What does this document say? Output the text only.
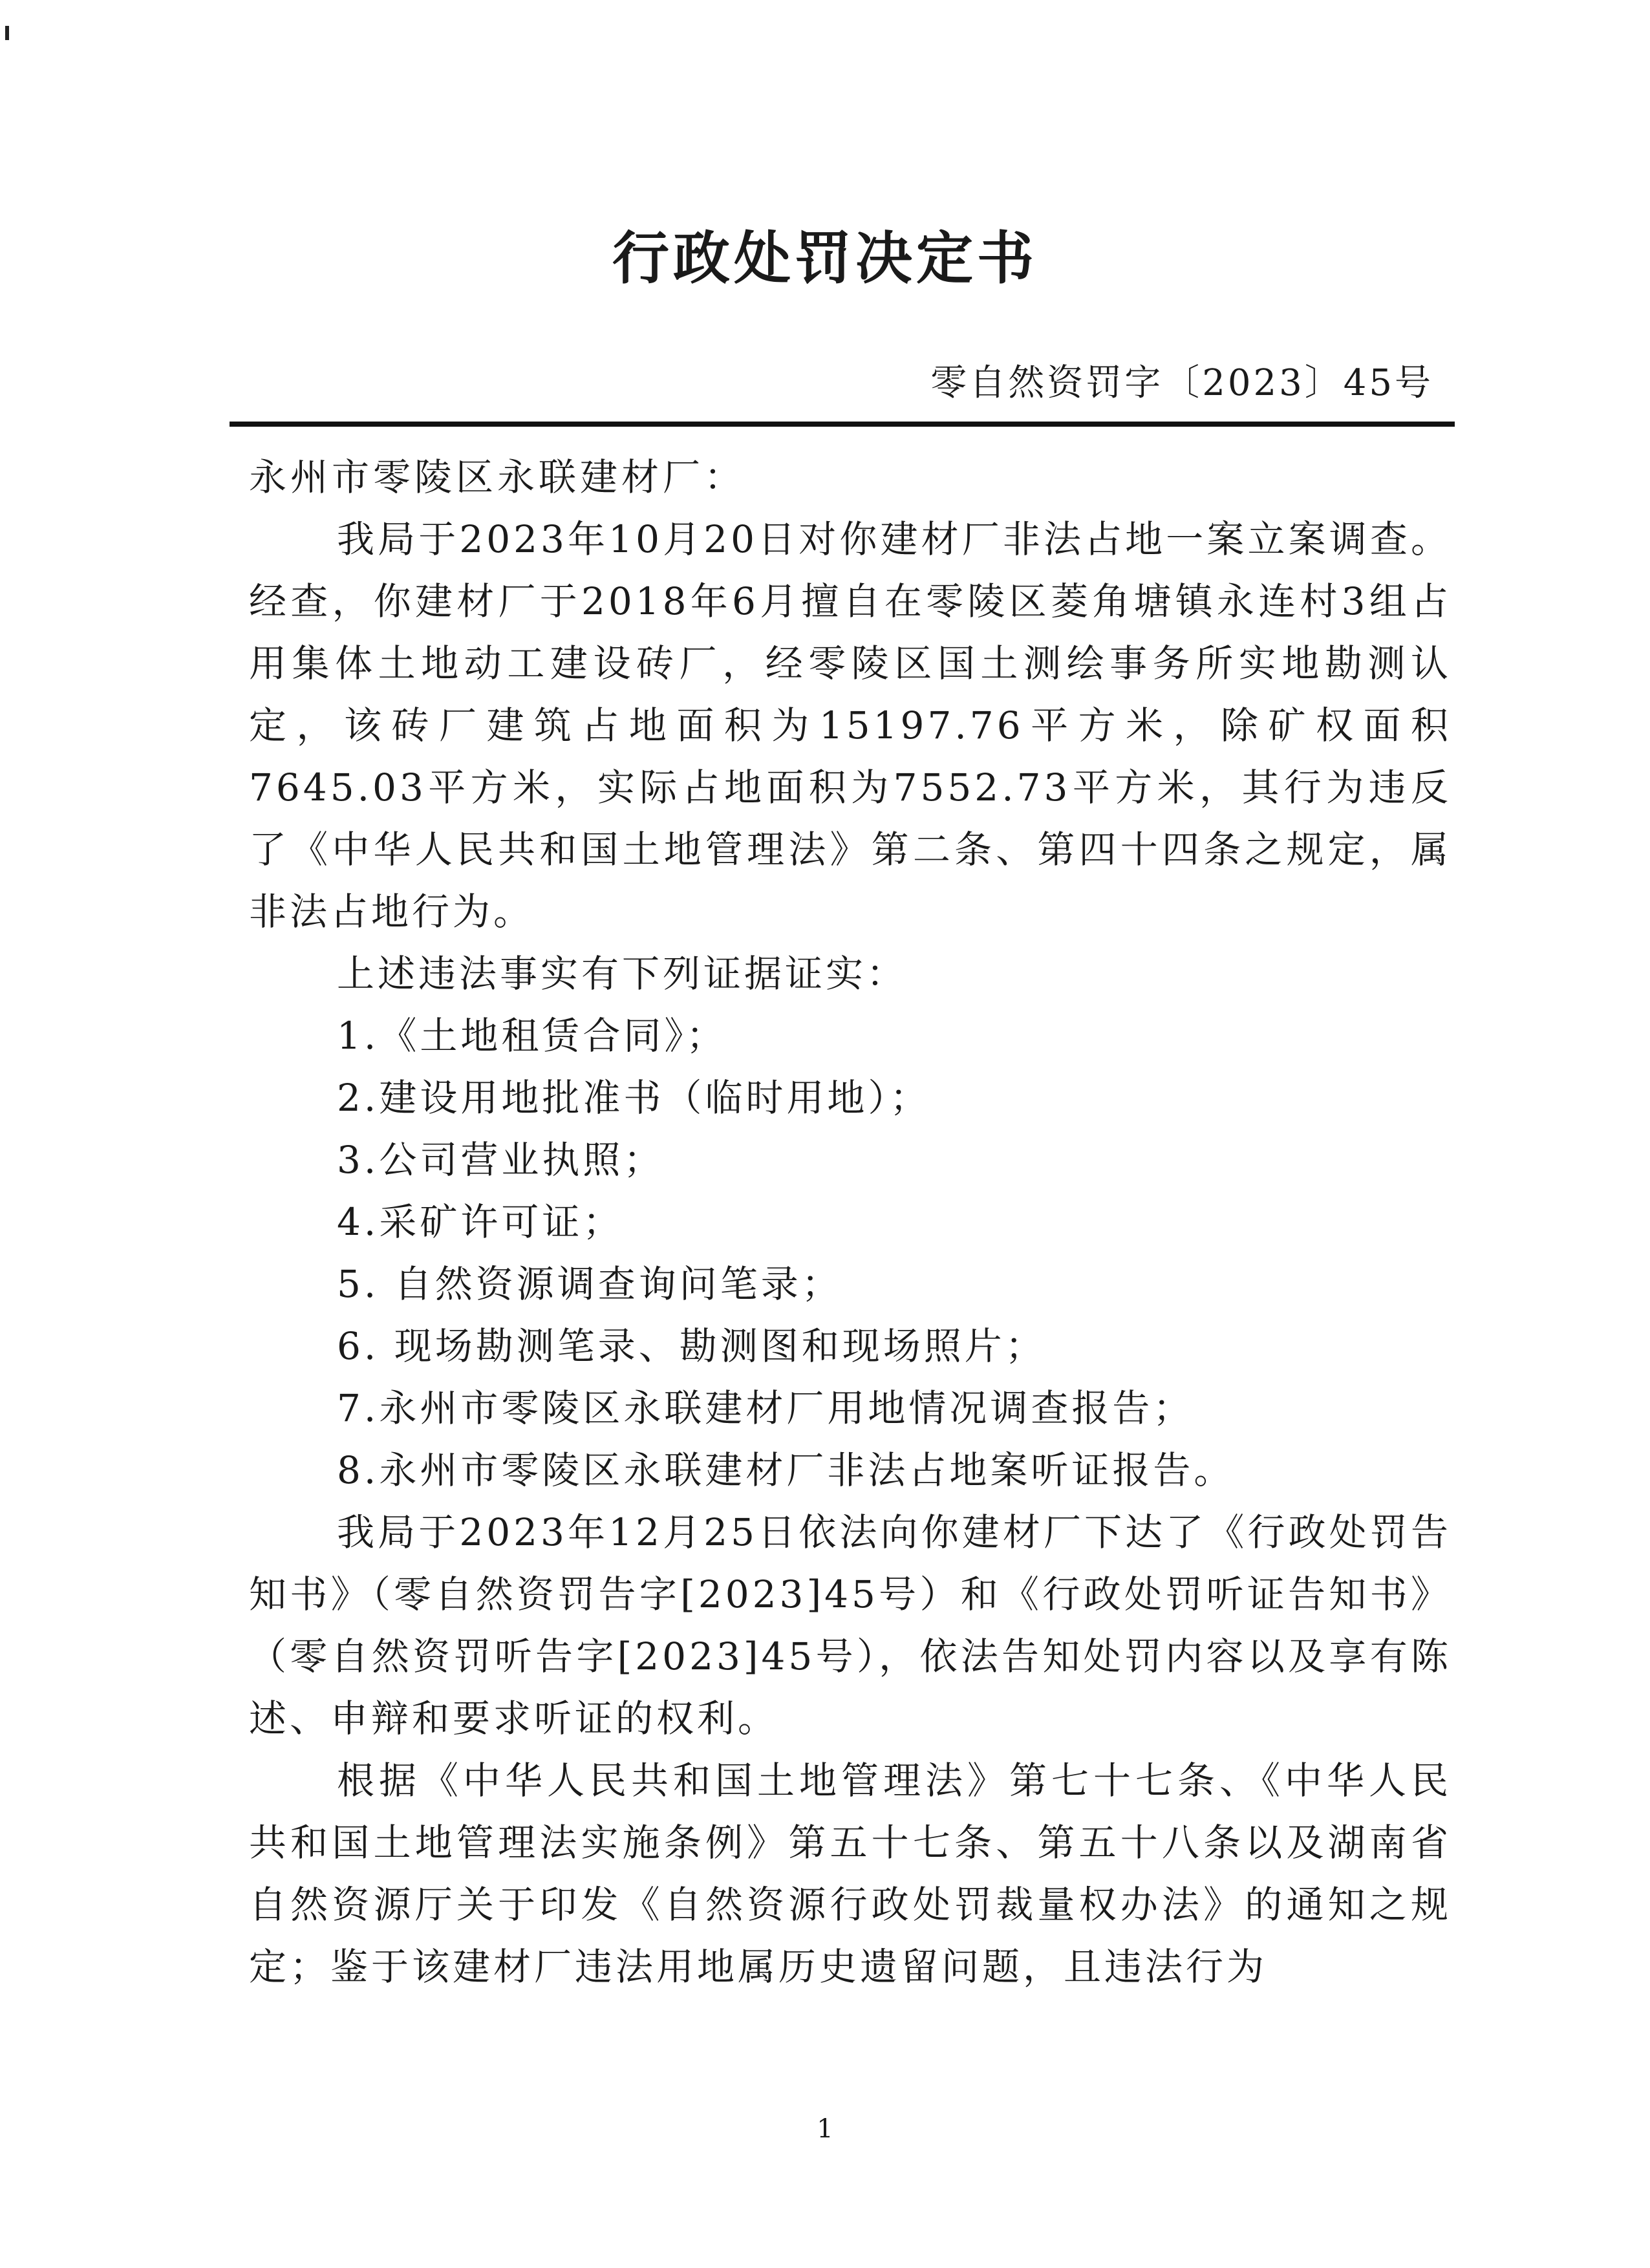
行政处罚决定书

零自然资罚字〔2023〕45号

永州市零陵区永联建材厂：

我局于2023年10月20日对你建材厂非法占地一案立案调查。经查，你建材厂于2018年6月擅自在零陵区菱角塘镇永连村3组占用集体土地动工建设砖厂，经零陵区国土测绘事务所实地勘测认定，该砖厂建筑占地面积为15197.76平方米，除矿权面积7645.03平方米，实际占地面积为7552.73平方米，其行为违反了《中华人民共和国土地管理法》第二条、第四十四条之规定，属非法占地行为。

上述违法事实有下列证据证实：

1.《土地租赁合同》；

2.建设用地批准书（临时用地）；

3.公司营业执照；

4.采矿许可证；

5. 自然资源调查询问笔录；

6. 现场勘测笔录、勘测图和现场照片；

7.永州市零陵区永联建材厂用地情况调查报告；

8.永州市零陵区永联建材厂非法占地案听证报告。

我局于2023年12月25日依法向你建材厂下达了《行政处罚告知书》（零自然资罚告字[2023]45号）和《行政处罚听证告知书》（零自然资罚听告字[2023]45号），依法告知处罚内容以及享有陈述、申辩和要求听证的权利。

根据《中华人民共和国土地管理法》第七十七条、《中华人民共和国土地管理法实施条例》第五十七条、第五十八条以及湖南省自然资源厅关于印发《自然资源行政处罚裁量权办法》的通知之规定；鉴于该建材厂违法用地属历史遗留问题，且违法行为

1
